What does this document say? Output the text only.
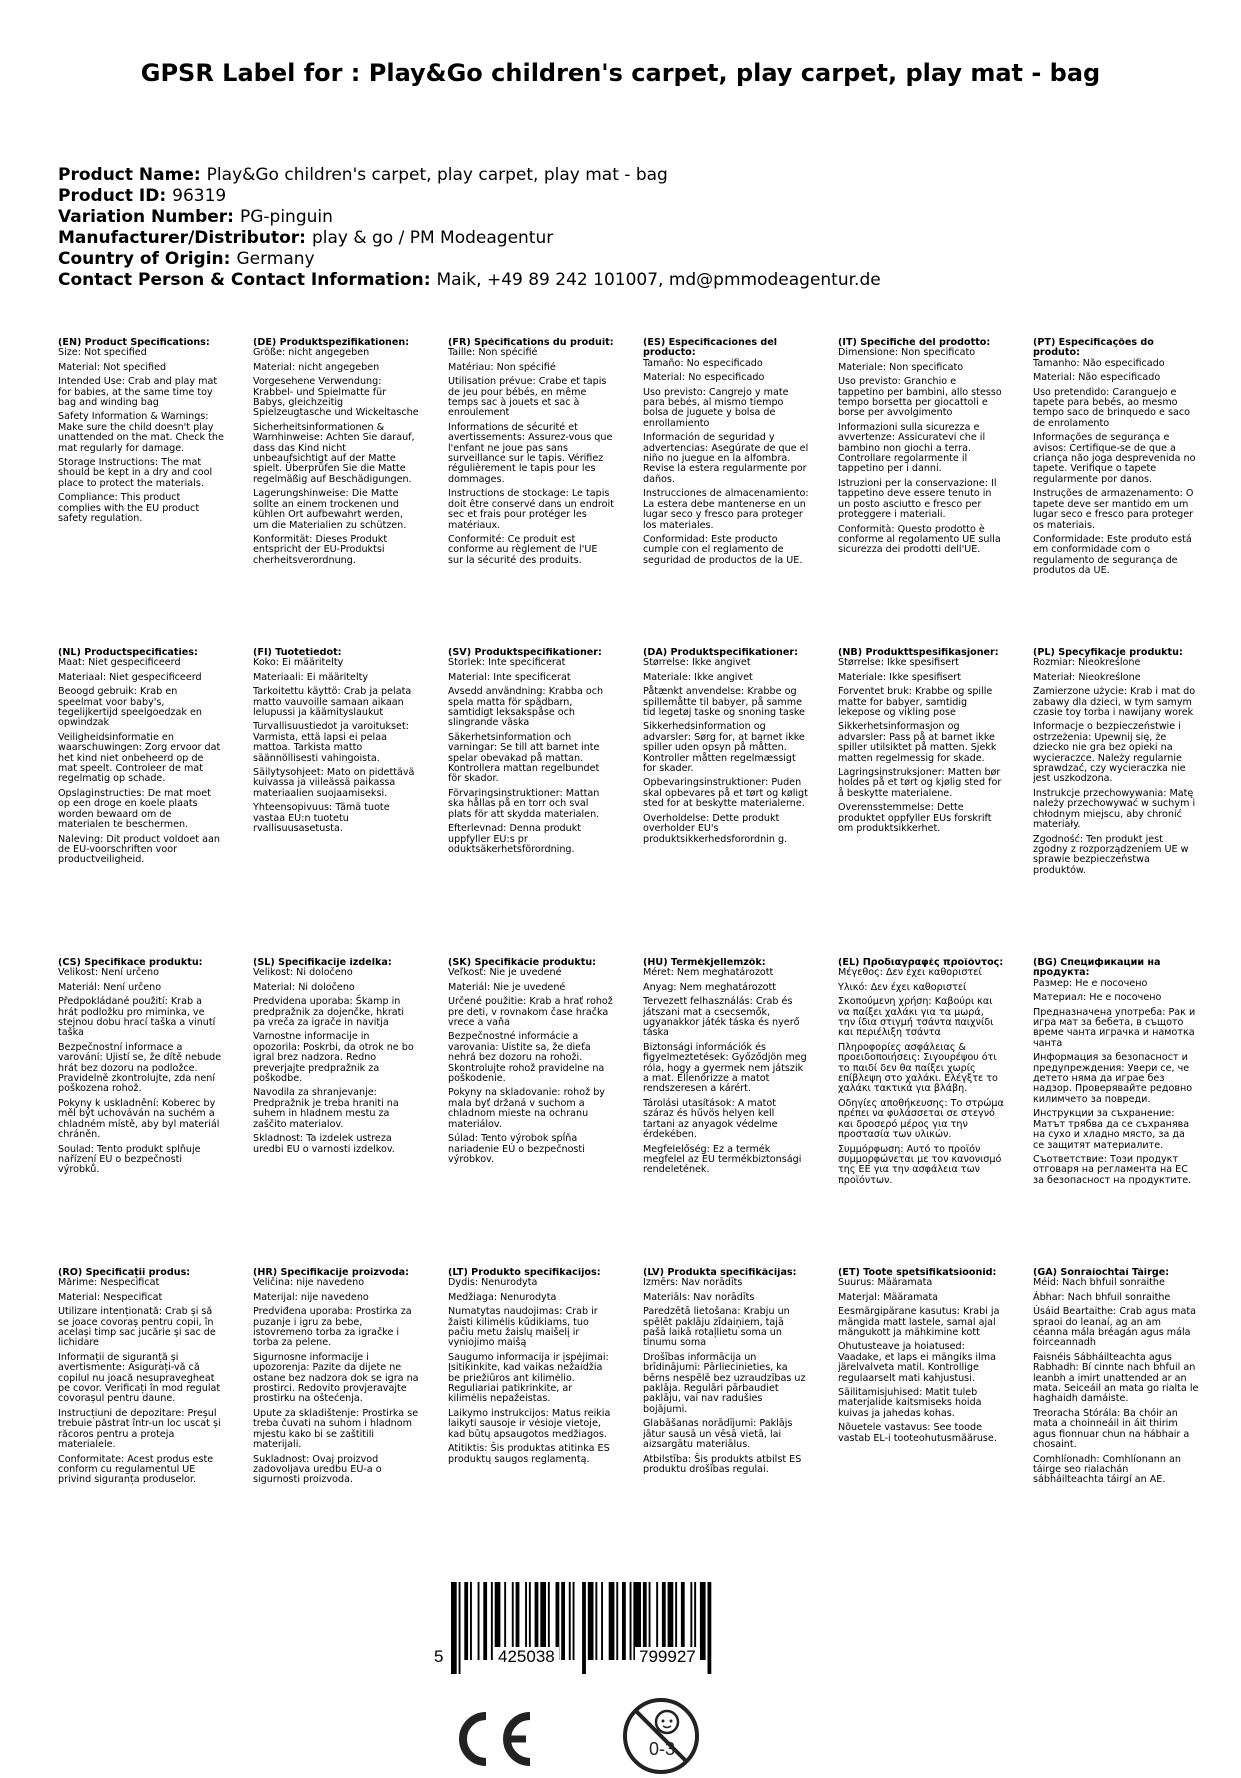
GPSR Label for : Play&Go children's carpet, play carpet, play mat - bag
Product Name: Play&Go children's carpet, play carpet, play mat - bag
Product ID: 96319
Variation Number: PG-pinguin
Manufacturer/Distributor: play & go / PM Modeagentur
Country of Origin: Germany
Contact Person & Contact Information: Maik, +49 89 242 101007, md@pmmodeagentur.de
(EN) Product Specifications:
Size: Not specified
Material: Not specified
Intended Use: Crab and play mat for babies, at the same time toy bag and winding bag
Safety Information & Warnings: Make sure the child doesn't play unattended on the mat. Check the mat regularly for damage.
Storage Instructions: The mat should be kept in a dry and cool place to protect the materials.
Compliance: This product complies with the EU product safety regulation.
(DE) Produktspezifikationen:
Größe: nicht angegeben
Material: nicht angegeben
Vorgesehene Verwendung: Krabbel- und Spielmatte für Babys, gleichzeitig Spielzeugtasche und Wickeltasche
Sicherheitsinformationen & Warnhinweise: Achten Sie darauf, dass das Kind nicht unbeaufsichtigt auf der Matte spielt. Überprüfen Sie die Matte regelmäßig auf Beschädigungen.
Lagerungshinweise: Die Matte sollte an einem trockenen und kühlen Ort aufbewahrt werden, um die Materialien zu schützen.
Konformität: Dieses Produkt entspricht der EU-Produktsi cherheitsverordnung.
(FR) Spécifications du produit:
Taille: Non spécifié
Matériau: Non spécifié
Utilisation prévue: Crabe et tapis de jeu pour bébés, en même temps sac à jouets et sac à enroulement
Informations de sécurité et avertissements: Assurez-vous que l'enfant ne joue pas sans surveillance sur le tapis. Vérifiez régulièrement le tapis pour les dommages.
Instructions de stockage: Le tapis doit être conservé dans un endroit sec et frais pour protéger les matériaux.
Conformité: Ce produit est conforme au règlement de l'UE sur la sécurité des produits.
(ES) Especificaciones del producto:
Tamaño: No especificado
Material: No especificado
Uso previsto: Cangrejo y mate para bebés, al mismo tiempo bolsa de juguete y bolsa de enrollamiento
Información de seguridad y advertencias: Asegúrate de que el niño no juegue en la alfombra. Revise la estera regularmente por daños.
Instrucciones de almacenamiento: La estera debe mantenerse en un lugar seco y fresco para proteger los materiales.
Conformidad: Este producto cumple con el reglamento de seguridad de productos de la UE.
(IT) Specifiche del prodotto:
Dimensione: Non specificato
Materiale: Non specificato
Uso previsto: Granchio e tappetino per bambini, allo stesso tempo borsetta per giocattoli e borse per avvolgimento
Informazioni sulla sicurezza e avvertenze: Assicuratevi che il bambino non giochi a terra. Controllare regolarmente il tappetino per i danni.
Istruzioni per la conservazione: Il tappetino deve essere tenuto in un posto asciutto e fresco per proteggere i materiali.
Conformità: Questo prodotto è conforme al regolamento UE sulla sicurezza dei prodotti dell'UE.
(PT) Especificações do produto:
Tamanho: Não especificado
Material: Não especificado
Uso pretendido: Caranguejo e tapete para bebés, ao mesmo tempo saco de brinquedo e saco de enrolamento
Informações de segurança e avisos: Certifique-se de que a criança não joga desprevenida no tapete. Verifique o tapete regularmente por danos.
Instruções de armazenamento: O tapete deve ser mantido em um lugar seco e fresco para proteger os materiais.
Conformidade: Este produto está em conformidade com o regulamento de segurança de produtos da UE.
(NL) Productspecificaties:
Maat: Niet gespecificeerd
Materiaal: Niet gespecificeerd
Beoogd gebruik: Krab en speelmat voor baby's, tegelijkertijd speelgoedzak en opwindzak
Veiligheidsinformatie en waarschuwingen: Zorg ervoor dat het kind niet onbeheerd op de mat speelt. Controleer de mat regelmatig op schade.
Opslaginstructies: De mat moet op een droge en koele plaats worden bewaard om de materialen te beschermen.
Naleving: Dit product voldoet aan de EU-voorschriften voor productveiligheid.
(FI) Tuotetiedot:
Koko: Ei määritelty
Materiaali: Ei määritelty
Tarkoitettu käyttö: Crab ja pelata matto vauvoille samaan aikaan lelupussi ja käämityslaukut
Turvallisuustiedot ja varoitukset: Varmista, että lapsi ei pelaa mattoa. Tarkista matto säännöllisesti vahingoista.
Säilytysohjeet: Mato on pidettävä kuivassa ja viileässä paikassa materiaalien suojaamiseksi.
Yhteensopivuus: Tämä tuote vastaa EU:n tuotetu rvallisuusasetusta.
(SV) Produktspecifikationer:
Storlek: Inte specificerat
Material: Inte specificerat
Avsedd användning: Krabba och spela matta för spädbarn, samtidigt leksakspåse och slingrande väska
Säkerhetsinformation och varningar: Se till att barnet inte spelar obevakad på mattan. Kontrollera mattan regelbundet för skador.
Förvaringsinstruktioner: Mattan ska hållas på en torr och sval plats för att skydda materialen.
Efterlevnad: Denna produkt uppfyller EU:s pr oduktsäkerhetsförordning.
(DA) Produktspecifikationer:
Størrelse: Ikke angivet
Materiale: Ikke angivet
Påtænkt anvendelse: Krabbe og spillemåtte til babyer, på samme tid legetøj taske og snoning taske
Sikkerhedsinformation og advarsler: Sørg for, at barnet ikke spiller uden opsyn på måtten. Kontroller måtten regelmæssigt for skader.
Opbevaringsinstruktioner: Puden skal opbevares på et tørt og køligt sted for at beskytte materialerne.
Overholdelse: Dette produkt overholder EU's produktsikkerhedsforordnin g.
(NB) Produkttspesifikasjoner:
Størrelse: Ikke spesifisert
Materiale: Ikke spesifisert
Forventet bruk: Krabbe og spille matte for babyer, samtidig lekepose og vikling pose
Sikkerhetsinformasjon og advarsler: Pass på at barnet ikke spiller utilsiktet på matten. Sjekk matten regelmessig for skade.
Lagringsinstruksjoner: Matten bør holdes på et tørt og kjølig sted for å beskytte materialene.
Overensstemmelse: Dette produktet oppfyller EUs forskrift om produktsikkerhet.
(PL) Specyfikacje produktu:
Rozmiar: Nieokreślone
Materiał: Nieokreślone
Zamierzone użycie: Krab i mat do zabawy dla dzieci, w tym samym czasie toy torba i nawijany worek
Informacje o bezpieczeństwie i ostrzeżenia: Upewnij się, że dziecko nie gra bez opieki na wycieraczce. Należy regularnie sprawdzać, czy wycieraczka nie jest uszkodzona.
Instrukcje przechowywania: Matę należy przechowywać w suchym i chłodnym miejscu, aby chronić materiały.
Zgodność: Ten produkt jest zgodny z rozporządzeniem UE w sprawie bezpieczeństwa produktów.
(CS) Specifikace produktu:
Velikost: Není určeno
Materiál: Není určeno
Předpokládané použití: Krab a hrát podložku pro miminka, ve stejnou dobu hrací taška a vinutí taška
Bezpečnostní informace a varování: Ujistí se, že dítě nebude hrát bez dozoru na podložce. Pravidelně zkontrolujte, zda není poškozena rohož.
Pokyny k uskladnění: Koberec by měl být uchováván na suchém a chladném místě, aby byl materiál chráněn.
Soulad: Tento produkt splňuje nařízení EU o bezpečnosti výrobků.
(SL) Specifikacije izdelka:
Velikost: Ni določeno
Material: Ni določeno
Predvidena uporaba: Škamp in predpražnik za dojenčke, hkrati pa vreča za igrače in navitja
Varnostne informacije in opozorila: Poskrbi, da otrok ne bo igral brez nadzora. Redno preverjajte predpražnik za poškodbe.
Navodila za shranjevanje: Predpražnik je treba hraniti na suhem in hladnem mestu za zaščito materialov.
Skladnost: Ta izdelek ustreza uredbi EU o varnosti izdelkov.
(SK) Špecifikácie produktu:
Veľkosť: Nie je uvedené
Materiál: Nie je uvedené
Určené použitie: Krab a hrať rohož pre deti, v rovnakom čase hračka vrece a vaňa
Bezpečnostné informácie a varovania: Uistite sa, že dieťa nehrá bez dozoru na rohoži. Skontrolujte rohož pravidelne na poškodenie.
Pokyny na skladovanie: rohož by mala byť držaná v suchom a chladnom mieste na ochranu materiálov.
Súlad: Tento výrobok spĺňa nariadenie EÚ o bezpečnosti výrobkov.
(HU) Termékjellemzők:
Méret: Nem meghatározott
Anyag: Nem meghatározott
Tervezett felhasználás: Crab és játszani mat a csecsemők, ugyanakkor játék táska és nyerő táska
Biztonsági információk és figyelmeztetések: Győződjön meg róla, hogy a gyermek nem játszik a mat. Ellenőrizze a matot rendszeresen a kárért.
Tárolási utasítások: A matot száraz és hűvös helyen kell tartani az anyagok védelme érdekében.
Megfelelőség: Ez a termék megfelel az EU termékbiztonsági rendeletének.
(EL) Προδιαγραφές προϊόντος:
Μέγεθος: Δεν έχει καθοριστεί
Υλικό: Δεν έχει καθοριστεί
Σκοπούμενη χρήση: Καβούρι και να παίξει χαλάκι για τα μωρά, την ίδια στιγμή τσάντα παιχνίδι και περιέλιξη τσάντα
Πληροφορίες ασφάλειας & προειδοποιήσεις: Σιγουρέψου ότι το παιδί δεν θα παίξει χωρίς επίβλεψη στο χαλάκι. Ελέγξτε το χαλάκι τακτικά για βλάβη.
Οδηγίες αποθήκευσης: Το στρώμα πρέπει να φυλάσσεται σε στεγνό και δροσερό μέρος για την προστασία των υλικών.
Συμμόρφωση: Αυτό το προϊόν συμμορφώνεται με τον κανονισμό της ΕΕ για την ασφάλεια των προϊόντων.
(BG) Спецификации на продукта:
Размер: Не е посочено
Материал: Не е посочено
Предназначена употреба: Рак и игра мат за бебета, в същото време чанта играчка и намотка чанта
Информация за безопасност и предупреждения: Увери се, че детето няма да играе без надзор. Проверявайте редовно килимчето за повреди.
Инструкции за съхранение: Матът трябва да се съхранява на сухо и хладно място, за да се защитят материалите.
Съответствие: Този продукт отговаря на регламента на ЕС за безопасност на продуктите.
(RO) Specificații produs:
Mărime: Nespecificat
Material: Nespecificat
Utilizare intenționată: Crab și să se joace covoraș pentru copii, în același timp sac jucărie și sac de lichidare
Informații de siguranță și avertismente: Asigurați-vă că copilul nu joacă nesupravegheat pe covor. Verificați în mod regulat covorașul pentru daune.
Instrucțiuni de depozitare: Preșul trebuie păstrat într-un loc uscat și răcoros pentru a proteja materialele.
Conformitate: Acest produs este conform cu regulamentul UE privind siguranța produselor.
(HR) Specifikacije proizvoda:
Veličina: nije navedeno
Materijal: nije navedeno
Predviđena uporaba: Prostirka za puzanje i igru za bebe, istovremeno torba za igračke i torba za pelene.
Sigurnosne informacije i upozorenja: Pazite da dijete ne ostane bez nadzora dok se igra na prostirci. Redovito provjeravajte prostirku na oštećenja.
Upute za skladištenje: Prostirka se treba čuvati na suhom i hladnom mjestu kako bi se zaštitili materijali.
Sukladnost: Ovaj proizvod zadovoljava uredbu EU-a o sigurnosti proizvoda.
(LT) Produkto specifikacijos:
Dydis: Nenurodyta
Medžiaga: Nenurodyta
Numatytas naudojimas: Crab ir žaisti kilimėlis kūdikiams, tuo pačiu metu žaislų maišelį ir vyniojimo maišą
Saugumo informacija ir įspėjimai: Įsitikinkite, kad vaikas nežaidžia be priežiūros ant kilimėlio. Reguliariai patikrinkite, ar kilimėlis nepažeistas.
Laikymo instrukcijos: Matus reikia laikyti sausoje ir vėsioje vietoje, kad būtų apsaugotos medžiagos.
Atitiktis: Šis produktas atitinka ES produktų saugos reglamentą.
(LV) Produkta specifikācijas:
Izmērs: Nav norādīts
Materiāls: Nav norādīts
Paredzētā lietošana: Krabju un spēlēt paklāju zīdaiņiem, tajā pašā laikā rotaļlietu soma un tinumu soma
Drošības informācija un brīdinājumi: Pārliecinieties, ka bērns nespēlē bez uzraudzības uz paklāja. Regulāri pārbaudiet paklāju, vai nav radušies bojājumi.
Glabāšanas norādījumi: Paklājs jātur sausā un vēsā vietā, lai aizsargātu materiālus.
Atbilstība: Šis produkts atbilst ES produktu drošības regulai.
(ET) Toote spetsifikatsioonid:
Suurus: Määramata
Materjal: Määramata
Eesmärgipärane kasutus: Krabi ja mängida matt lastele, samal ajal mängukott ja mähkimine kott
Ohutusteave ja hoiatused: Vaadake, et laps ei mängiks ilma järelvalveta matil. Kontrollige regulaarselt mati kahjustusi.
Säilitamisjuhised: Matit tuleb materjalide kaitsmiseks hoida kuivas ja jahedas kohas.
Nõuetele vastavus: See toode vastab EL-i tooteohutusmääruse.
(GA) Sonraíochtaí Táirge:
Méid: Nach bhfuil sonraithe
Ábhar: Nach bhfuil sonraithe
Úsáid Beartaithe: Crab agus mata spraoi do leanaí, ag an am céanna mála bréagán agus mála foirceannadh
Faisnéis Sábháilteachta agus Rabhadh: Bí cinnte nach bhfuil an leanbh a imirt unattended ar an mata. Seiceáil an mata go rialta le haghaidh damáiste.
Treoracha Stórála: Ba chóir an mata a choinneáil in áit thirim agus fionnuar chun na hábhair a chosaint.
Comhlíonadh: Comhlíonann an táirge seo rialachán sábháilteachta táirgí an AE.
5	425038	799927
0-3
